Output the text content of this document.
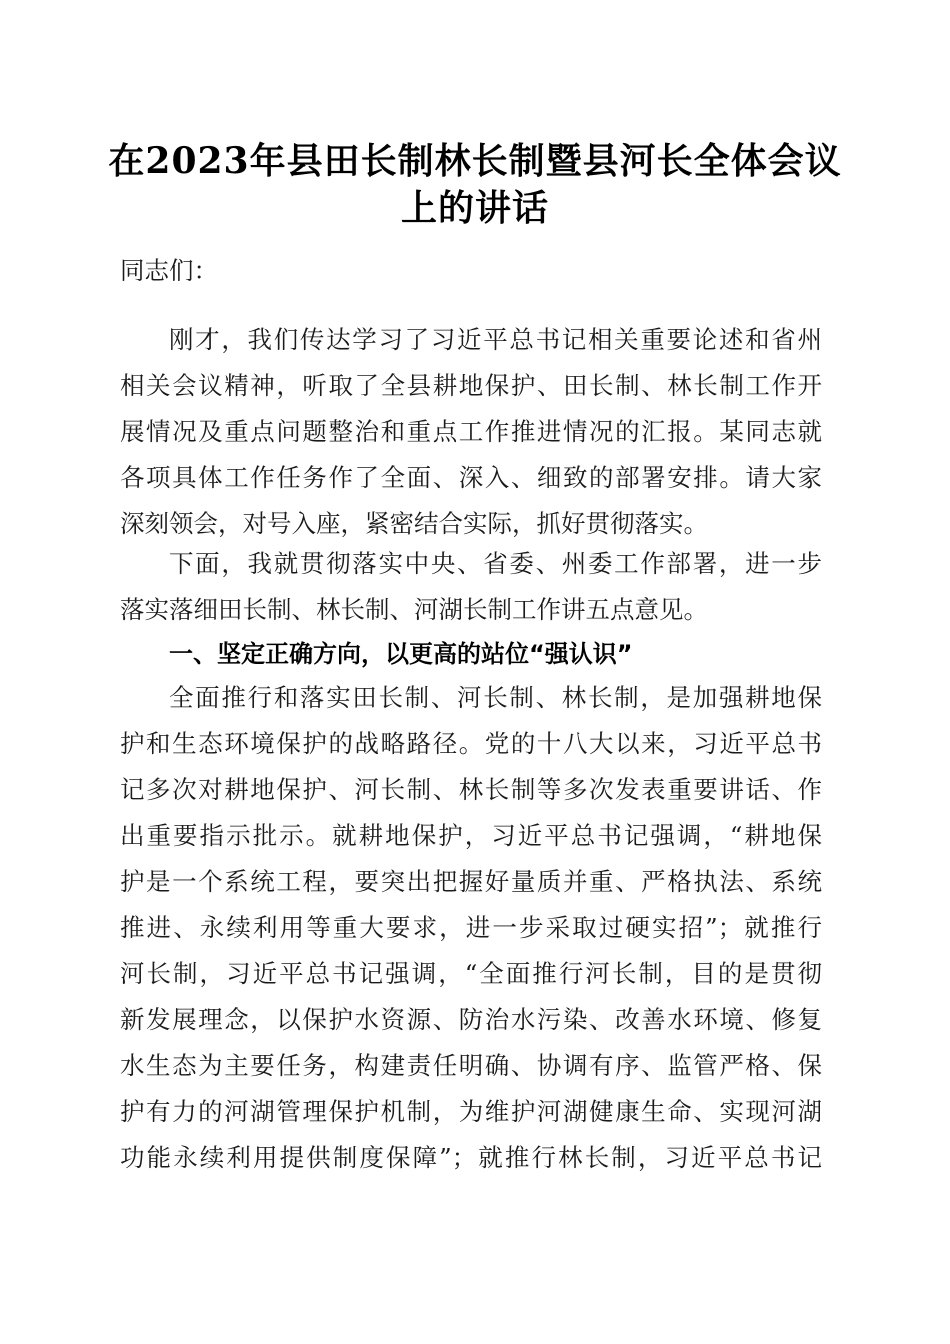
在2023年县田长制林长制暨县河长全体会议
上的讲话
同志们：
刚才，我们传达学习了习近平总书记相关重要论述和省州
相关会议精神，听取了全县耕地保护、田长制、林长制工作开
展情况及重点问题整治和重点工作推进情况的汇报。某同志就
各项具体工作任务作了全面、深入、细致的部署安排。请大家
深刻领会，对号入座，紧密结合实际，抓好贯彻落实。
下面，我就贯彻落实中央、省委、州委工作部署，进一步
落实落细田长制、林长制、河湖长制工作讲五点意见。
一、坚定正确方向，以更高的站位“强认识”
全面推行和落实田长制、河长制、林长制，是加强耕地保
护和生态环境保护的战略路径。党的十八大以来，习近平总书
记多次对耕地保护、河长制、林长制等多次发表重要讲话、作
出重要指示批示。就耕地保护，习近平总书记强调，“耕地保
护是一个系统工程，要突出把握好量质并重、严格执法、系统
推进、永续利用等重大要求，进一步采取过硬实招”；就推行
河长制，习近平总书记强调，“全面推行河长制，目的是贯彻
新发展理念，以保护水资源、防治水污染、改善水环境、修复
水生态为主要任务，构建责任明确、协调有序、监管严格、保
护有力的河湖管理保护机制，为维护河湖健康生命、实现河湖
功能永续利用提供制度保障”；就推行林长制，习近平总书记
